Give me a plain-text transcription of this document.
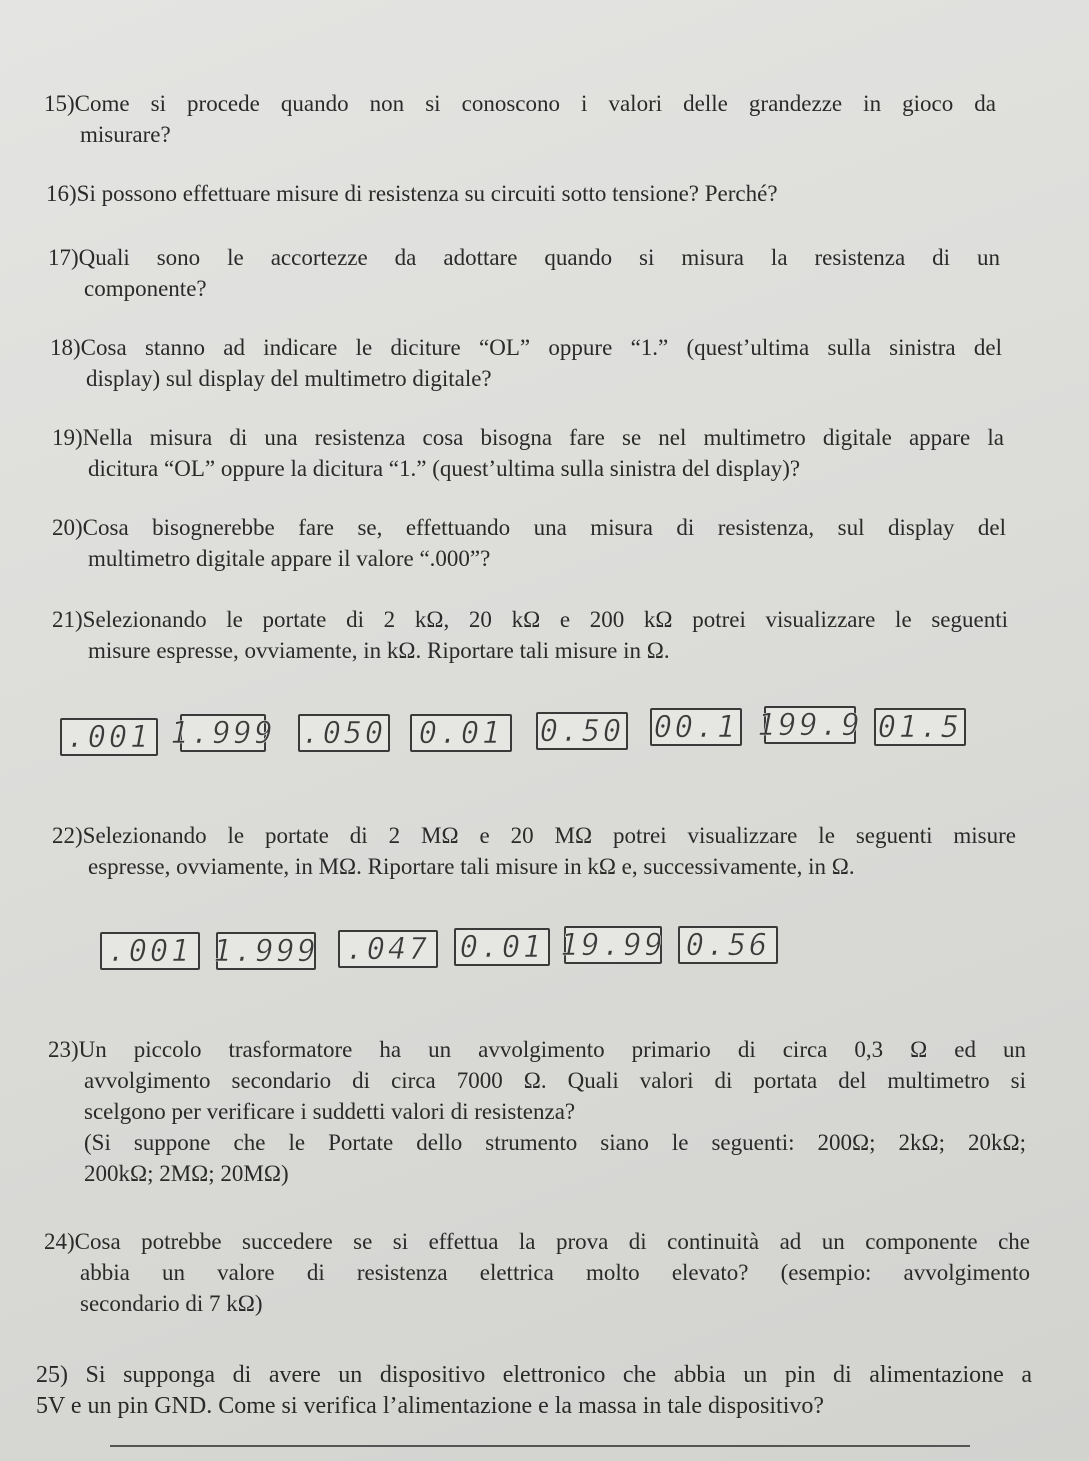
15)Come si procede quando non si conoscono i valori delle grandezze in gioco da
misurare?
16)Si possono effettuare misure di resistenza su circuiti sotto tensione? Perché?
17)Quali sono le accortezze da adottare quando si misura la resistenza di un
componente?
18)Cosa stanno ad indicare le diciture “OL” oppure “1.” (quest’ultima sulla sinistra del
display) sul display del multimetro digitale?
19)Nella misura di una resistenza cosa bisogna fare se nel multimetro digitale appare la
dicitura “OL” oppure la dicitura “1.” (quest’ultima sulla sinistra del display)?
20)Cosa bisognerebbe fare se, effettuando una misura di resistenza, sul display del
multimetro digitale appare il valore “.000”?
21)Selezionando le portate di 2 kΩ, 20 kΩ e 200 kΩ potrei visualizzare le seguenti
misure espresse, ovviamente, in kΩ. Riportare tali misure in Ω.
.001 1.999 .050 0.01 0.50 00.1 199.9 01.5
22)Selezionando le portate di 2 MΩ e 20 MΩ potrei visualizzare le seguenti misure
espresse, ovviamente, in MΩ. Riportare tali misure in kΩ e, successivamente, in Ω.
.001 1.999 .047 0.01 19.99 0.56
23)Un piccolo trasformatore ha un avvolgimento primario di circa 0,3 Ω ed un
avvolgimento secondario di circa 7000 Ω. Quali valori di portata del multimetro si
scelgono per verificare i suddetti valori di resistenza?
(Si suppone che le Portate dello strumento siano le seguenti: 200Ω; 2kΩ; 20kΩ;
200kΩ; 2MΩ; 20MΩ)
24)Cosa potrebbe succedere se si effettua la prova di continuità ad un componente che
abbia un valore di resistenza elettrica molto elevato? (esempio: avvolgimento
secondario di 7 kΩ)
25) Si supponga di avere un dispositivo elettronico che abbia un pin di alimentazione a
5V e un pin GND. Come si verifica l’alimentazione e la massa in tale dispositivo?
